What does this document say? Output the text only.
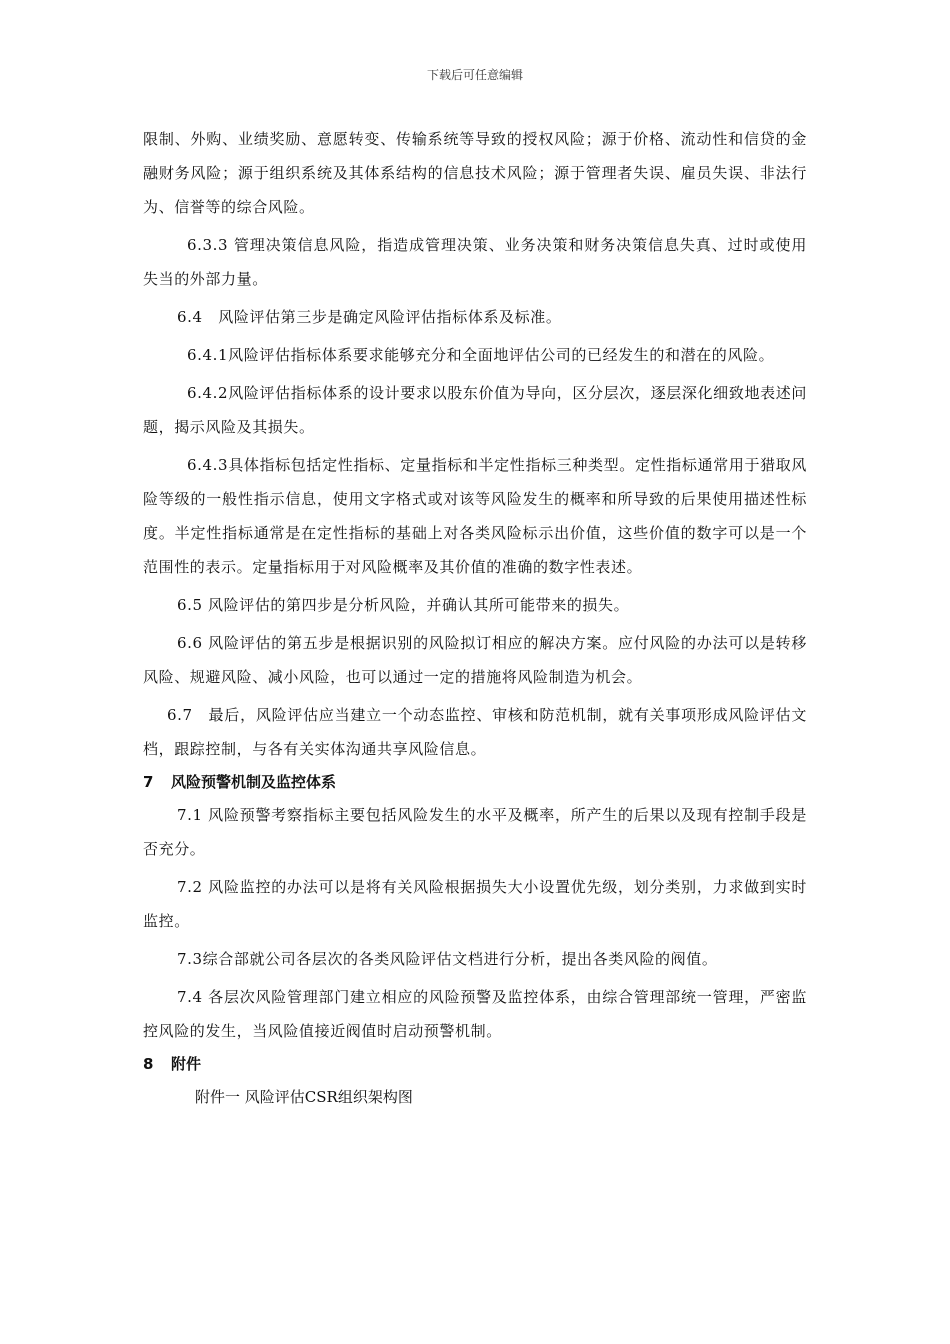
下载后可任意编辑

限制、外购、业绩奖励、意愿转变、传输系统等导致的授权风险；源于价格、流动性和信贷的金融财务风险；源于组织系统及其体系结构的信息技术风险；源于管理者失误、雇员失误、非法行为、信誉等的综合风险。

6.3.3 管理决策信息风险，指造成管理决策、业务决策和财务决策信息失真、过时或使用失当的外部力量。

6.4　风险评估第三步是确定风险评估指标体系及标准。

6.4.1风险评估指标体系要求能够充分和全面地评估公司的已经发生的和潜在的风险。

6.4.2风险评估指标体系的设计要求以股东价值为导向，区分层次，逐层深化细致地表述问题，揭示风险及其损失。

6.4.3具体指标包括定性指标、定量指标和半定性指标三种类型。定性指标通常用于猎取风险等级的一般性指示信息，使用文字格式或对该等风险发生的概率和所导致的后果使用描述性标度。半定性指标通常是在定性指标的基础上对各类风险标示出价值，这些价值的数字可以是一个范围性的表示。定量指标用于对风险概率及其价值的准确的数字性表述。

6.5 风险评估的第四步是分析风险，并确认其所可能带来的损失。

6.6 风险评估的第五步是根据识别的风险拟订相应的解决方案。应付风险的办法可以是转移风险、规避风险、减小风险，也可以通过一定的措施将风险制造为机会。

6.7　最后，风险评估应当建立一个动态监控、审核和防范机制，就有关事项形成风险评估文档，跟踪控制，与各有关实体沟通共享风险信息。

7 风险预警机制及监控体系

7.1 风险预警考察指标主要包括风险发生的水平及概率，所产生的后果以及现有控制手段是否充分。

7.2 风险监控的办法可以是将有关风险根据损失大小设置优先级，划分类别，力求做到实时监控。

7.3综合部就公司各层次的各类风险评估文档进行分析，提出各类风险的阀值。

7.4 各层次风险管理部门建立相应的风险预警及监控体系，由综合管理部统一管理，严密监控风险的发生，当风险值接近阀值时启动预警机制。

8 附件

附件一 风险评估CSR组织架构图
